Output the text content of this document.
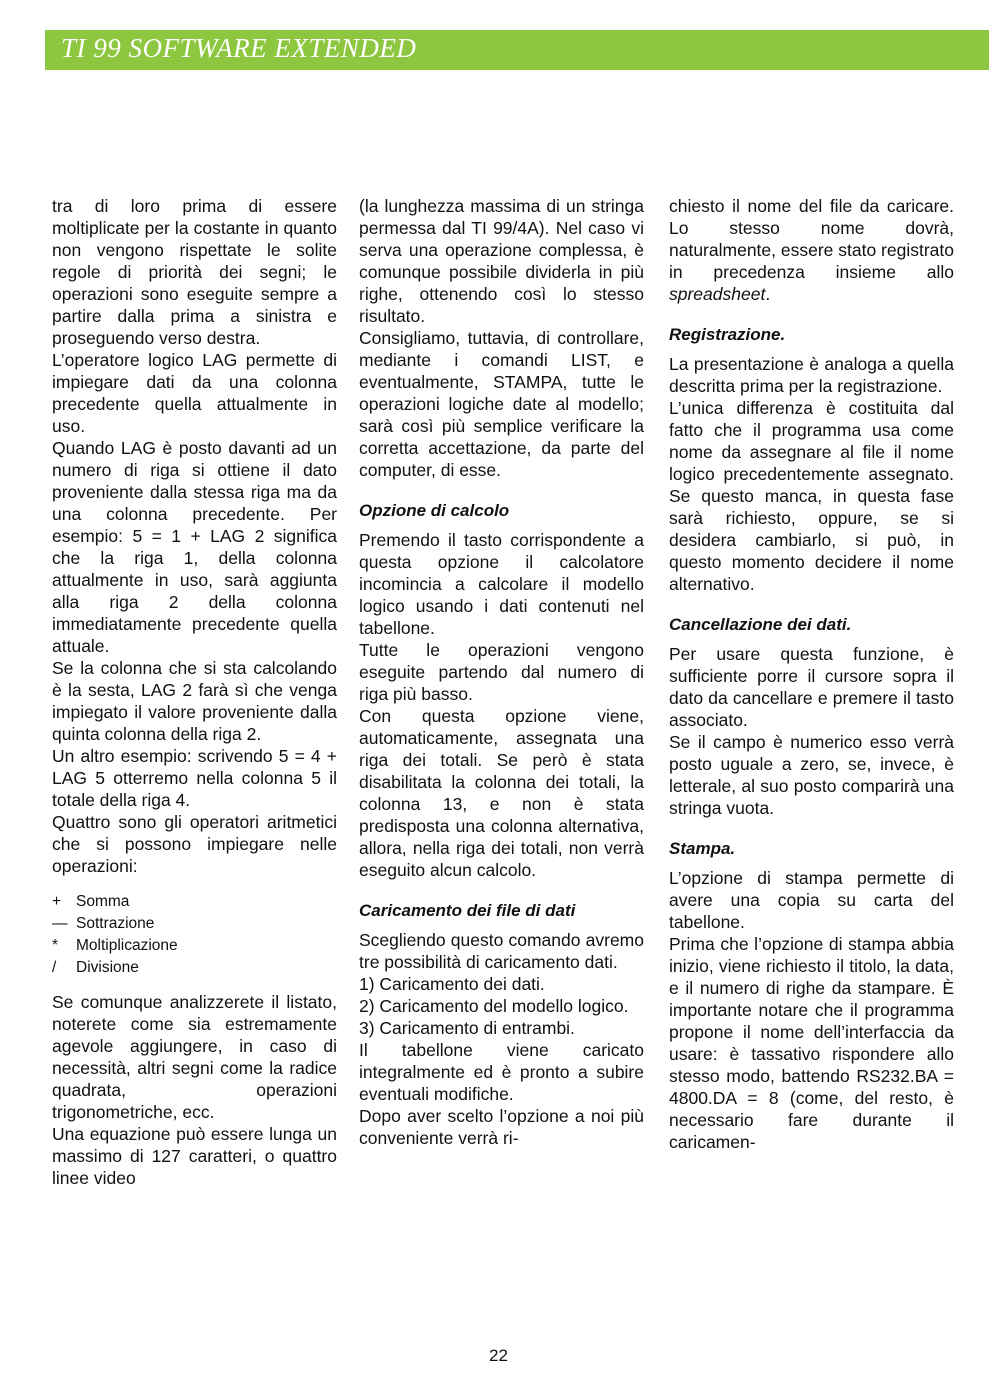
TI 99 SOFTWARE EXTENDED

tra di loro prima di essere moltiplicate per la costante in quanto non vengono rispettate le solite regole di priorità dei segni; le operazioni sono eseguite sempre a partire dalla prima a sinistra e proseguendo verso destra.

L’operatore logico LAG permette di impiegare dati da una colonna precedente quella attualmente in uso.

Quando LAG è posto davanti ad un numero di riga si ottiene il dato proveniente dalla stessa riga ma da una colonna precedente. Per esempio: 5 = 1 + LAG 2 significa che la riga 1, della colonna attualmente in uso, sarà aggiunta alla riga 2 della colonna immediatamente precedente quella attuale.

Se la colonna che si sta calcolando è la sesta, LAG 2 farà sì che venga impiegato il valore proveniente dalla quinta colonna della riga 2.

Un altro esempio: scrivendo 5 = 4 + LAG 5 otterremo nella colonna 5 il totale della riga 4.

Quattro sono gli operatori aritmetici che si possono impiegare nelle operazioni:

+ Somma
— Sottrazione
*	Moltiplicazione
/	Divisione

Se comunque analizzerete il listato, noterete come sia estremamente agevole aggiungere, in caso di necessità, altri segni come la radice quadrata, operazioni trigonometriche, ecc.

Una equazione può essere lunga un massimo di 127 caratteri, o quattro linee video

(la lunghezza massima di un stringa permessa dal TI 99/4A). Nel caso vi serva una operazione complessa, è comunque possibile dividerla in più righe, ottenendo così lo stesso risultato.

Consigliamo, tuttavia, di controllare, mediante i comandi LIST, e eventualmente, STAMPA, tutte le operazioni logiche date al modello; sarà così più semplice verificare la corretta accettazione, da parte del computer, di esse.

Opzione di calcolo

Premendo il tasto corrispondente a questa opzione il calcolatore incomincia a calcolare il modello logico usando i dati contenuti nel tabellone.

Tutte le operazioni vengono eseguite partendo dal numero di riga più basso.

Con questa opzione viene, automaticamente, assegnata una riga dei totali. Se però è stata disabilitata la colonna dei totali, la colonna 13, e non è stata predisposta una colonna alternativa, allora, nella riga dei totali, non verrà eseguito alcun calcolo.

Caricamento dei file di dati

Scegliendo questo comando avremo tre possibilità di caricamento dati.

1) Caricamento dei dati.

2) Caricamento del modello logico.

3) Caricamento di entrambi.

Il tabellone viene caricato integralmente ed è pronto a subire eventuali modifiche.

Dopo aver scelto l’opzione a noi più conveniente verrà ri-

chiesto il nome del file da caricare. Lo stesso nome dovrà, naturalmente, essere stato registrato in precedenza insieme allo spreadsheet.

Registrazione.

La presentazione è analoga a quella descritta prima per la registrazione.

L’unica differenza è costituita dal fatto che il programma usa come nome da assegnare al file il nome logico precedentemente assegnato. Se questo manca, in questa fase sarà richiesto, oppure, se si desidera cambiarlo, si può, in questo momento decidere il nome alternativo.

Cancellazione dei dati.

Per usare questa funzione, è sufficiente porre il cursore sopra il dato da cancellare e premere il tasto associato.

Se il campo è numerico esso verrà posto uguale a zero, se, invece, è letterale, al suo posto comparirà una stringa vuota.

Stampa.

L’opzione di stampa permette di avere una copia su carta del tabellone.

Prima che l’opzione di stampa abbia inizio, viene richiesto il titolo, la data, e il numero di righe da stampare. È importante notare che il programma propone il nome dell’interfaccia da usare: è tassativo rispondere allo stesso modo, battendo RS232.BA = 4800.DA = 8 (come, del resto, è necessario fare durante il caricamen-

22
